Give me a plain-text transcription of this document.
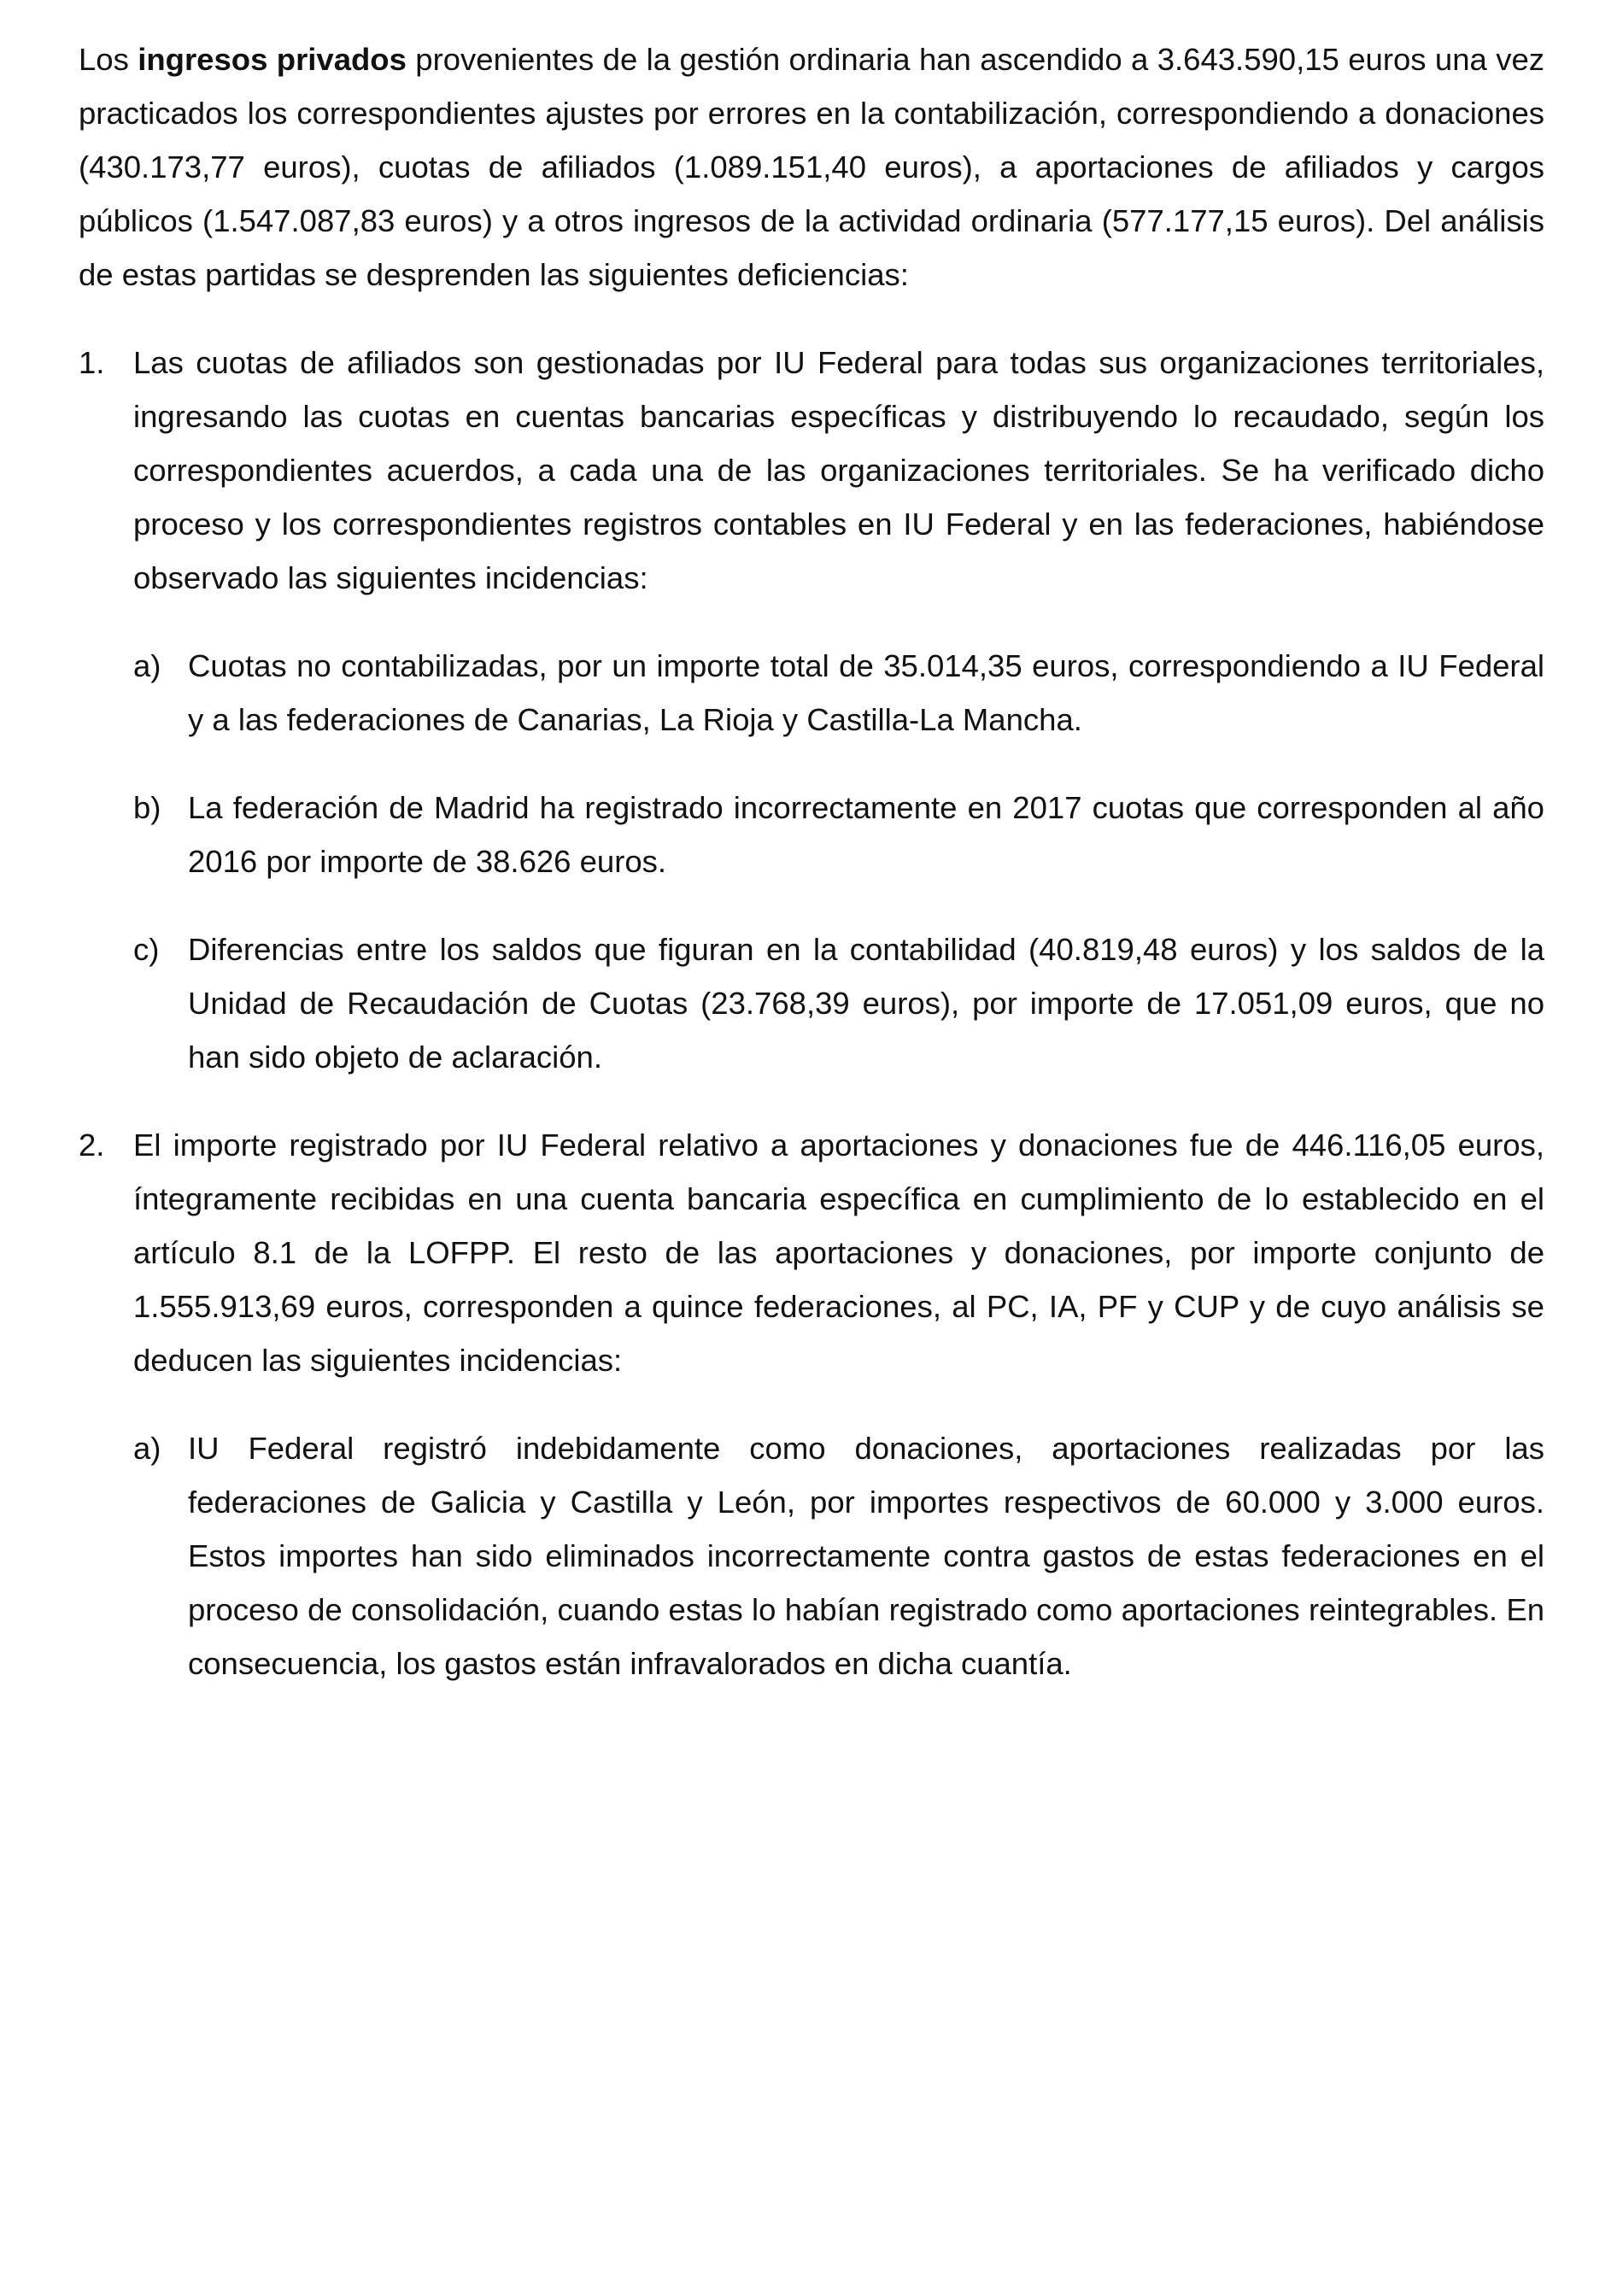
Los ingresos privados provenientes de la gestión ordinaria han ascendido a 3.643.590,15 euros una vez practicados los correspondientes ajustes por errores en la contabilización, correspondiendo a donaciones (430.173,77 euros), cuotas de afiliados (1.089.151,40 euros), a aportaciones de afiliados y cargos públicos (1.547.087,83 euros) y a otros ingresos de la actividad ordinaria (577.177,15 euros). Del análisis de estas partidas se desprenden las siguientes deficiencias:

1. Las cuotas de afiliados son gestionadas por IU Federal para todas sus organizaciones territoriales, ingresando las cuotas en cuentas bancarias específicas y distribuyendo lo recaudado, según los correspondientes acuerdos, a cada una de las organizaciones territoriales. Se ha verificado dicho proceso y los correspondientes registros contables en IU Federal y en las federaciones, habiéndose observado las siguientes incidencias:

a) Cuotas no contabilizadas, por un importe total de 35.014,35 euros, correspondiendo a IU Federal y a las federaciones de Canarias, La Rioja y Castilla-La Mancha.

b) La federación de Madrid ha registrado incorrectamente en 2017 cuotas que corresponden al año 2016 por importe de 38.626 euros.

c) Diferencias entre los saldos que figuran en la contabilidad (40.819,48 euros) y los saldos de la Unidad de Recaudación de Cuotas (23.768,39 euros), por importe de 17.051,09 euros, que no han sido objeto de aclaración.

2. El importe registrado por IU Federal relativo a aportaciones y donaciones fue de 446.116,05 euros, íntegramente recibidas en una cuenta bancaria específica en cumplimiento de lo establecido en el artículo 8.1 de la LOFPP. El resto de las aportaciones y donaciones, por importe conjunto de 1.555.913,69 euros, corresponden a quince federaciones, al PC, IA, PF y CUP y de cuyo análisis se deducen las siguientes incidencias:

a) IU Federal registró indebidamente como donaciones, aportaciones realizadas por las federaciones de Galicia y Castilla y León, por importes respectivos de 60.000 y 3.000 euros. Estos importes han sido eliminados incorrectamente contra gastos de estas federaciones en el proceso de consolidación, cuando estas lo habían registrado como aportaciones reintegrables. En consecuencia, los gastos están infravalorados en dicha cuantía.
